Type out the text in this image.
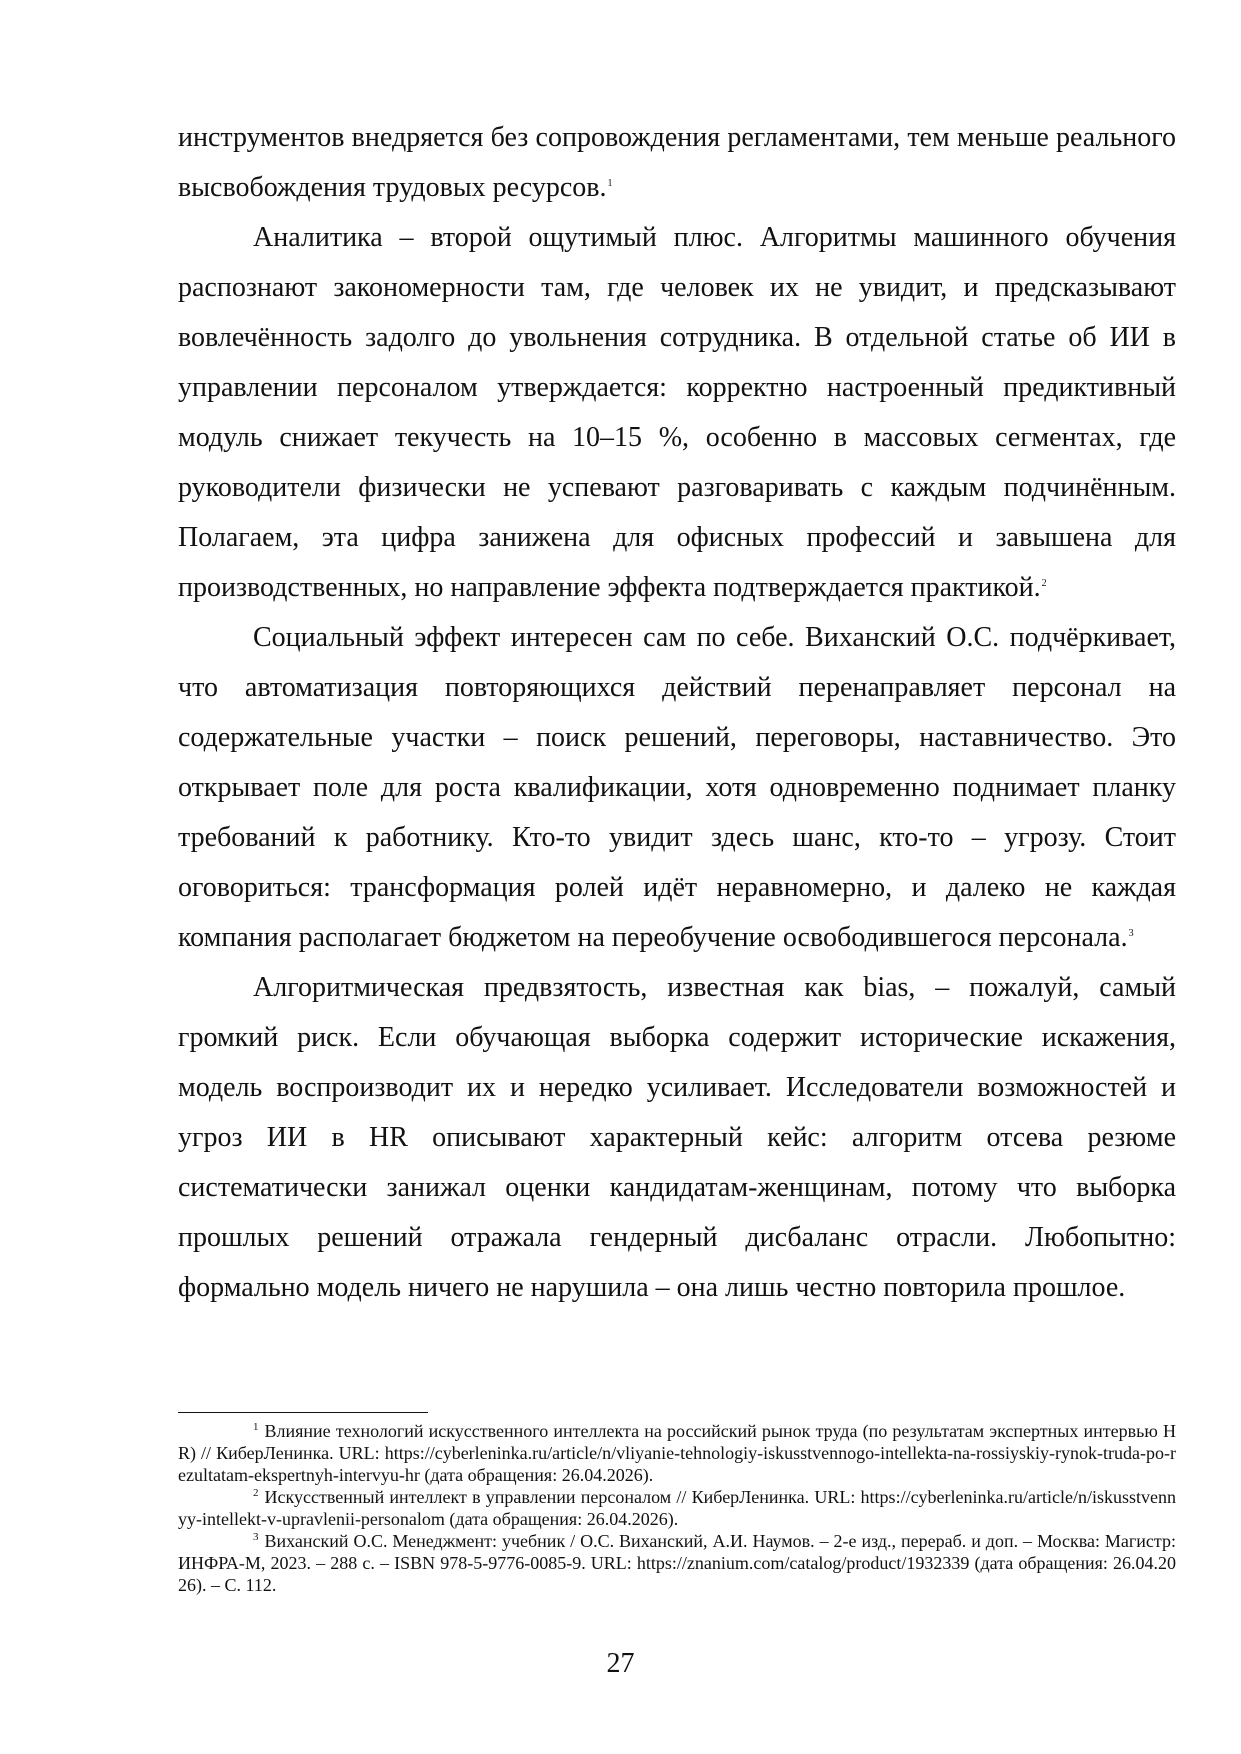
инструментов внедряется без сопровождения регламентами, тем меньше реального высвобождения трудовых ресурсов.$^1$

Аналитика – второй ощутимый плюс. Алгоритмы машинного обучения распознают закономерности там, где человек их не увидит, и предсказывают вовлечённость задолго до увольнения сотрудника. В отдельной статье об ИИ в управлении персоналом утверждается: корректно настроенный предиктивный модуль снижает текучесть на 10–15 %, особенно в массовых сегментах, где руководители физически не успевают разговаривать с каждым подчинённым. Полагаем, эта цифра занижена для офисных профессий и завышена для производственных, но направление эффекта подтверждается практикой.$^2$

Социальный эффект интересен сам по себе. Виханский О.С. подчёркивает, что автоматизация повторяющихся действий перенаправляет персонал на содержательные участки – поиск решений, переговоры, наставничество. Это открывает поле для роста квалификации, хотя одновременно поднимает планку требований к работнику. Кто-то увидит здесь шанс, кто-то – угрозу. Стоит оговориться: трансформация ролей идёт неравномерно, и далеко не каждая компания располагает бюджетом на переобучение освободившегося персонала.$^3$

Алгоритмическая предвзятость, известная как bias, – пожалуй, самый громкий риск. Если обучающая выборка содержит исторические искажения, модель воспроизводит их и нередко усиливает. Исследователи возможностей и угроз ИИ в HR описывают характерный кейс: алгоритм отсева резюме систематически занижал оценки кандидатам-женщинам, потому что выборка прошлых решений отражала гендерный дисбаланс отрасли. Любопытно: формально модель ничего не нарушила – она лишь честно повторила прошлое.

$^1$ Влияние технологий искусственного интеллекта на российский рынок труда (по результатам экспертных интервью HR) // КиберЛенинка. URL: https://cyberleninka.ru/article/n/vliyanie-tehnologiy-iskusstvennogo-intellekta-na-rossiyskiy-rynok-truda-po-rezultatam-ekspertnyh-intervyu-hr (дата обращения: 26.04.2026).

$^2$ Искусственный интеллект в управлении персоналом // КиберЛенинка. URL: https://cyberleninka.ru/article/n/iskusstvennyy-intellekt-v-upravlenii-personalom (дата обращения: 26.04.2026).

$^3$ Виханский О.С. Менеджмент: учебник / О.С. Виханский, А.И. Наумов. – 2-е изд., перераб. и доп. – Москва: Магистр: ИНФРА-М, 2023. – 288 с. – ISBN 978-5-9776-0085-9. URL: https://znanium.com/catalog/product/1932339 (дата обращения: 26.04.2026). – С. 112.

27
